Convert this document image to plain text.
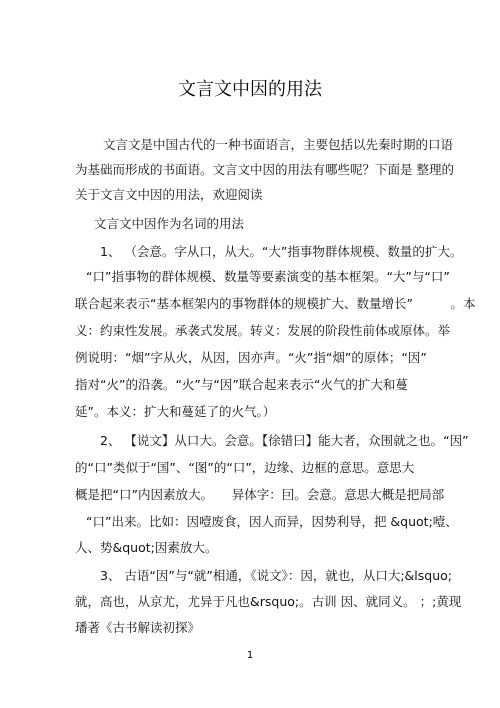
文言文中因的用法
文言文是中国古代的一种书面语言，主要包括以先秦时期的口语
为基础而形成的书面语。文言文中因的用法有哪些呢？下面是 整理的
关于文言文中因的用法，欢迎阅读
文言文中因作为名词的用法
1、 （会意。字从口，从大。“大”指事物群体规模、数量的扩大。
“口”指事物的群体规模、数量等要素演变的基本框架。“大”与“口”
联合起来表示“基本框架内的事物群体的规模扩大、数量增长”　　　。本
义：约束性发展。承袭式发展。转义：发展的阶段性前体或原体。举
例说明：“烟”字从火，从因，因亦声。“火”指“烟”的原体；“因”
指对“火”的沿袭。“火”与“因”联合起来表示“火气的扩大和蔓
延”。本义：扩大和蔓延了的火气。）
2、 【说文】从口大。会意。【徐错曰】能大者，众围就之也。“因”
的“口”类似于“国”、“图”的“口”，边缘、边框的意思。意思大
概是把“口”内因素放大。　　异体字：囙。会意。意思大概是把局部
“口”出来。比如：因噎废食，因人而异，因势利导，把 &quot;噎、
人、势&quot;因素放大。
3、 古语“因”与“就”相通，《说文》：因，就也，从口大;&lsquo;
就，高也，从京尤，尤异于凡也&rsquo;。古训 因、就同义。 ；;黄现
璠著《古书解读初探》
1
